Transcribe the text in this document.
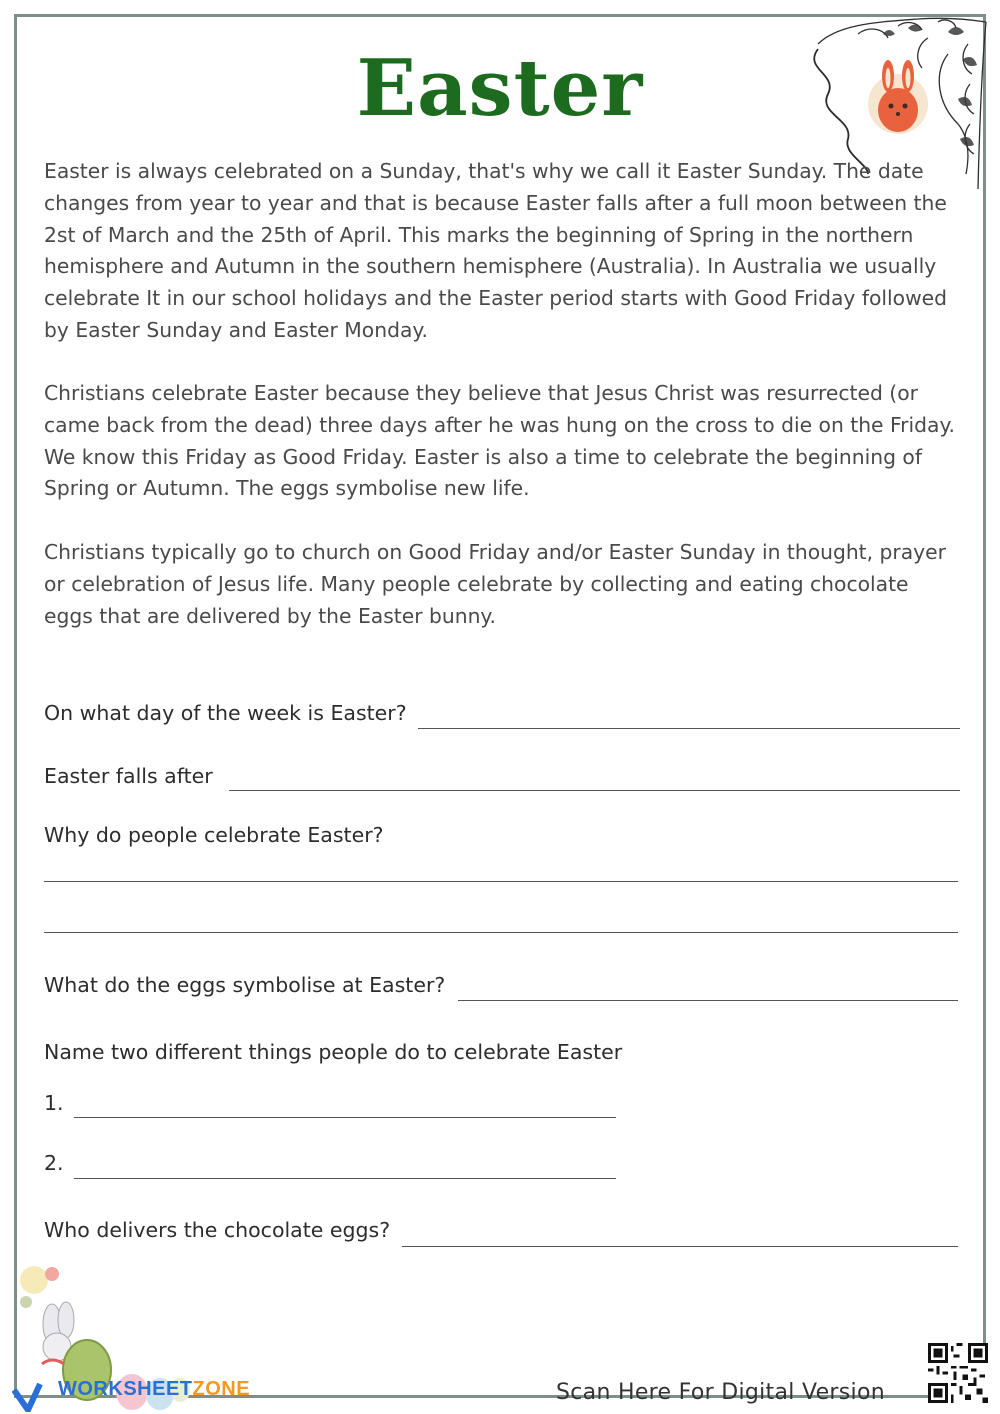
Easter

Easter is always celebrated on a Sunday, that's why we call it Easter Sunday. The date changes from year to year and that is because Easter falls after a full moon between the 2st of March and the 25th of April. This marks the beginning of Spring in the northern hemisphere and Autumn in the southern hemisphere (Australia). In Australia we usually celebrate It in our school holidays and the Easter period starts with Good Friday followed by Easter Sunday and Easter Monday.

Christians celebrate Easter because they believe that Jesus Christ was resurrected (or came back from the dead) three days after he was hung on the cross to die on the Friday. We know this Friday as Good Friday. Easter is also a time to celebrate the beginning of Spring or Autumn. The eggs symbolise new life.

Christians typically go to church on Good Friday and/or Easter Sunday in thought, prayer or celebration of Jesus life. Many people celebrate by collecting and eating chocolate eggs that are delivered by the Easter bunny.

On what day of the week is Easter?
Easter falls after
Why do people celebrate Easter?
What do the eggs symbolise at Easter?
Name two different things people do to celebrate Easter
1.
2.
Who delivers the chocolate eggs?
WORKSHEETZONE	Scan Here For Digital Version
